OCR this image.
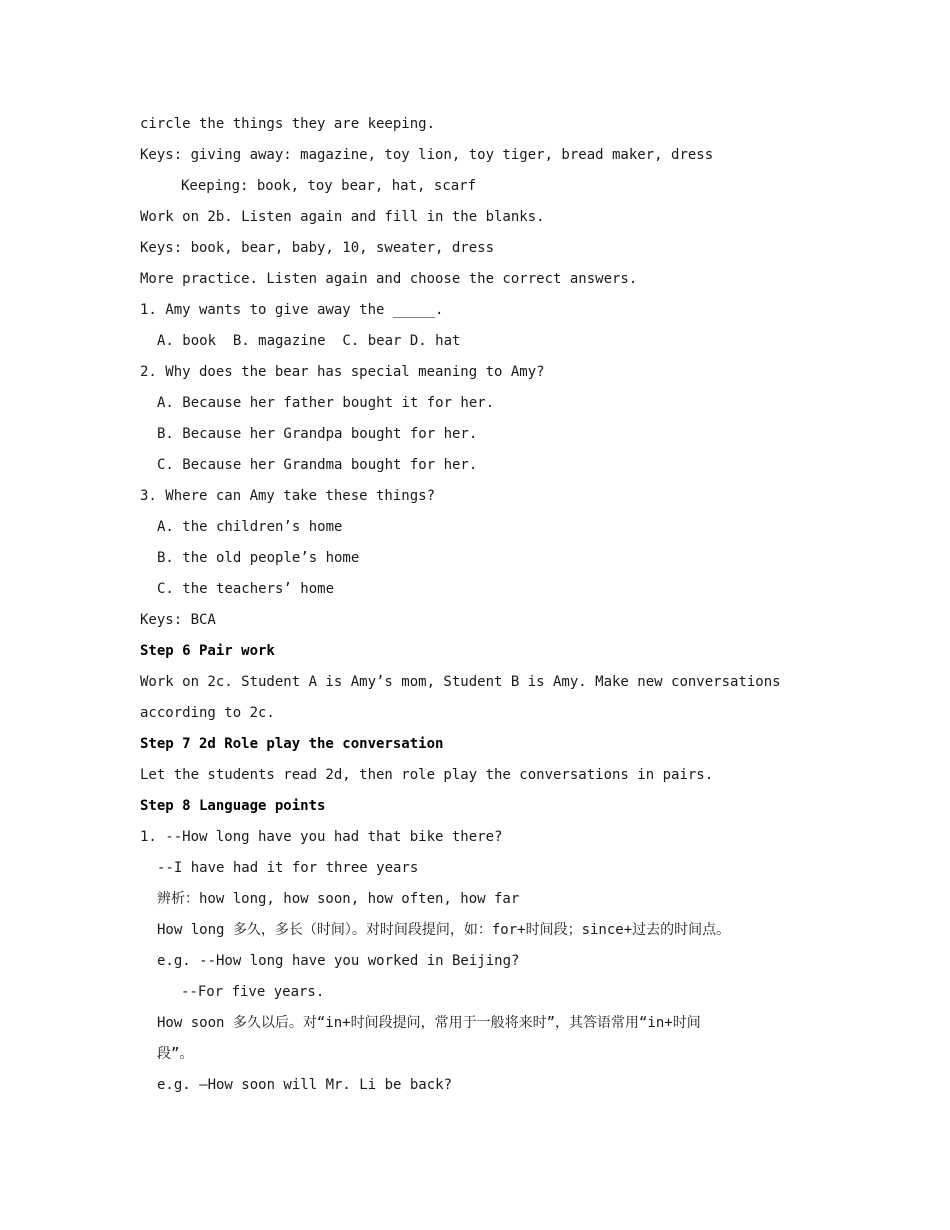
circle the things they are keeping.
Keys: giving away: magazine, toy lion, toy tiger, bread maker, dress
Keeping: book, toy bear, hat, scarf
Work on 2b. Listen again and fill in the blanks.
Keys: book, bear, baby, 10, sweater, dress
More practice. Listen again and choose the correct answers.
1. Amy wants to give away the _____.
A. book  B. magazine  C. bear D. hat
2. Why does the bear has special meaning to Amy?
A. Because her father bought it for her.
B. Because her Grandpa bought for her.
C. Because her Grandma bought for her.
3. Where can Amy take these things?
A. the children’s home
B. the old people’s home
C. the teachers’ home
Keys: BCA
Step 6 Pair work
Work on 2c. Student A is Amy’s mom, Student B is Amy. Make new conversations
according to 2c.
Step 7 2d Role play the conversation
Let the students read 2d, then role play the conversations in pairs.
Step 8 Language points
1. --How long have you had that bike there?
--I have had it for three years
辨析：how long, how soon, how often, how far
How long 多久，多长（时间）。对时间段提问，如：for+时间段；since+过去的时间点。
e.g. --How long have you worked in Beijing?
--For five years.
How soon 多久以后。对“in+时间段提问，常用于一般将来时”，其答语常用“in+时间
段”。
e.g. –How soon will Mr. Li be back?
